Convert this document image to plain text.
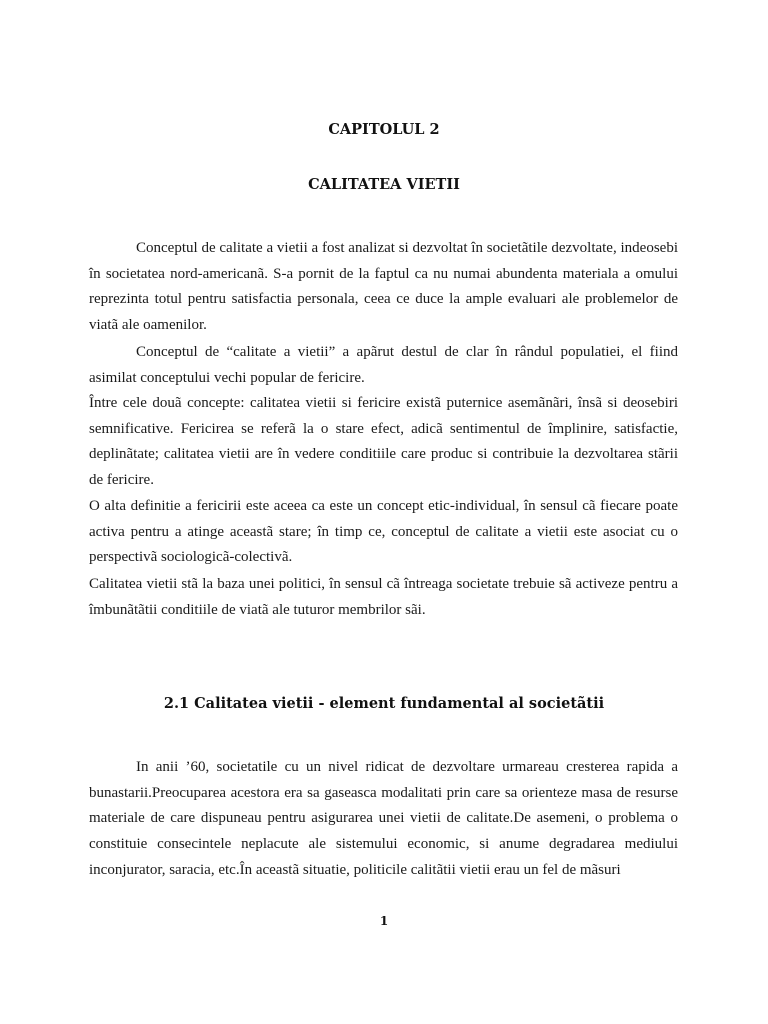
CAPITOLUL 2
CALITATEA VIETII

Conceptul de calitate a vietii a fost analizat si dezvoltat în societãtile dezvoltate, indeosebi în societatea nord-americanã. S-a pornit de la faptul ca nu numai abundenta materiala a omului reprezinta totul pentru satisfactia personala, ceea ce duce la ample evaluari ale problemelor de viatã ale oamenilor.

Conceptul de “calitate a vietii” a apãrut destul de clar în rândul populatiei, el fiind asimilat conceptului vechi popular de fericire.

Între cele douã concepte: calitatea vietii si fericire existã puternice asemãnãri, însã si deosebiri semnificative. Fericirea se referã la o stare efect, adicã sentimentul de împlinire, satisfactie, deplinãtate; calitatea vietii are în vedere conditiile care produc si contribuie la dezvoltarea stãrii de fericire.

O alta definitie a fericirii este aceea ca este un concept etic-individual, în sensul cã fiecare poate activa pentru a atinge aceastã stare; în timp ce, conceptul de calitate a vietii este asociat cu o perspectivã sociologicã-colectivã.

Calitatea vietii stã la baza unei politici, în sensul cã întreaga societate trebuie sã activeze pentru a îmbunãtãtii conditiile de viatã ale tuturor membrilor sãi.

2.1 Calitatea vietii - element fundamental al societãtii

In anii ’60, societatile cu un nivel ridicat de dezvoltare urmareau cresterea rapida a bunastarii.Preocuparea acestora era sa gaseasca modalitati prin care sa orienteze masa de resurse materiale de care dispuneau pentru asigurarea unei vietii de calitate.De asemeni, o problema o constituie consecintele neplacute ale sistemului economic, si anume degradarea mediului inconjurator, saracia, etc.În aceastã situatie, politicile calitãtii vietii erau un fel de mãsuri

1
